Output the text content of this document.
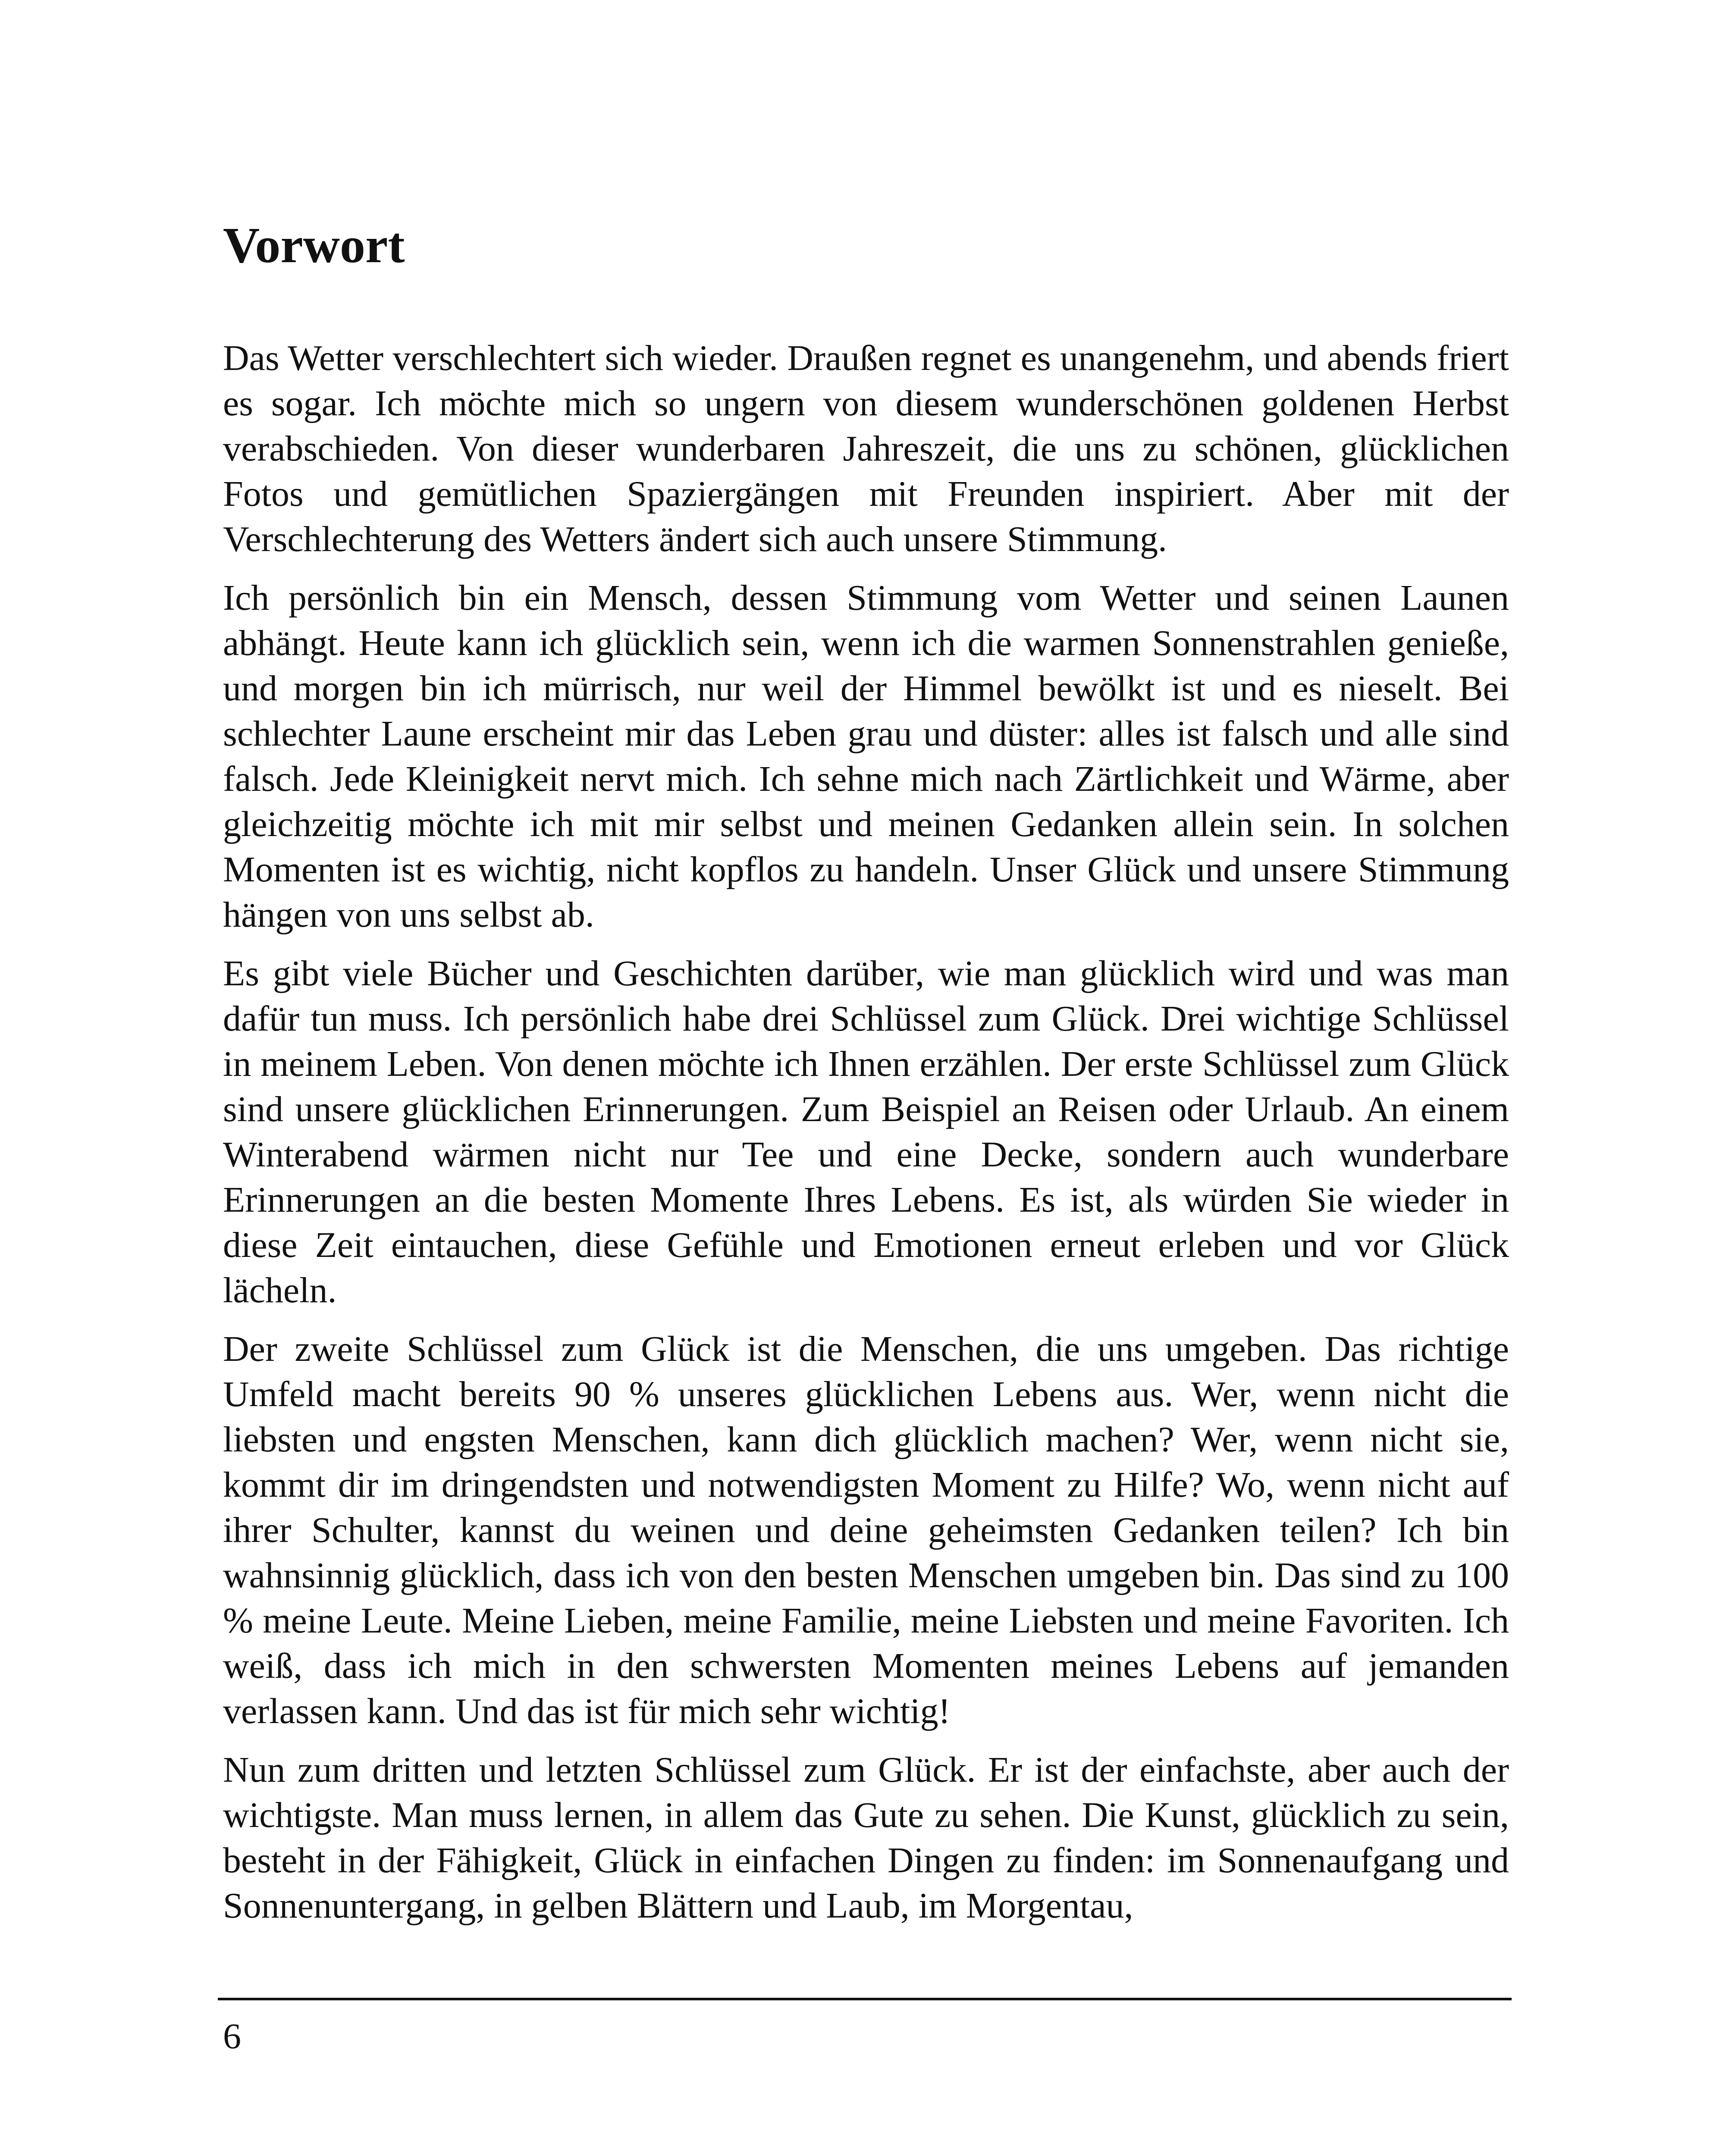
Vorwort

Das Wetter verschlechtert sich wieder. Draußen regnet es unangenehm, und abends friert es sogar. Ich möchte mich so ungern von diesem wunderschönen goldenen Herbst verabschieden. Von dieser wunderbaren Jahreszeit, die uns zu schönen, glücklichen Fotos und gemütlichen Spaziergängen mit Freunden inspiriert. Aber mit der Verschlechterung des Wetters ändert sich auch unsere Stimmung.

Ich persönlich bin ein Mensch, dessen Stimmung vom Wetter und seinen Launen abhängt. Heute kann ich glücklich sein, wenn ich die warmen Sonnenstrahlen genieße, und morgen bin ich mürrisch, nur weil der Himmel bewölkt ist und es nieselt. Bei schlechter Laune erscheint mir das Leben grau und düster: alles ist falsch und alle sind falsch. Jede Kleinigkeit nervt mich. Ich sehne mich nach Zärtlichkeit und Wärme, aber gleichzeitig möchte ich mit mir selbst und meinen Gedanken allein sein. In solchen Momenten ist es wichtig, nicht kopflos zu handeln. Unser Glück und unsere Stimmung hängen von uns selbst ab.

Es gibt viele Bücher und Geschichten darüber, wie man glücklich wird und was man dafür tun muss. Ich persönlich habe drei Schlüssel zum Glück. Drei wichtige Schlüssel in meinem Leben. Von denen möchte ich Ihnen erzählen. Der erste Schlüssel zum Glück sind unsere glücklichen Erinnerungen. Zum Beispiel an Reisen oder Urlaub. An einem Winterabend wärmen nicht nur Tee und eine Decke, sondern auch wunderbare Erinnerungen an die besten Momente Ihres Lebens. Es ist, als würden Sie wieder in diese Zeit eintauchen, diese Gefühle und Emotionen erneut erleben und vor Glück lächeln.

Der zweite Schlüssel zum Glück ist die Menschen, die uns umgeben. Das richtige Umfeld macht bereits 90 % unseres glücklichen Lebens aus. Wer, wenn nicht die liebsten und engsten Menschen, kann dich glücklich machen? Wer, wenn nicht sie, kommt dir im dringendsten und notwendigsten Moment zu Hilfe? Wo, wenn nicht auf ihrer Schulter, kannst du weinen und deine geheimsten Gedanken teilen? Ich bin wahnsinnig glücklich, dass ich von den besten Menschen umgeben bin. Das sind zu 100 % meine Leute. Meine Lieben, meine Familie, meine Liebsten und meine Favoriten. Ich weiß, dass ich mich in den schwersten Momenten meines Lebens auf jemanden verlassen kann. Und das ist für mich sehr wichtig!

Nun zum dritten und letzten Schlüssel zum Glück. Er ist der einfachste, aber auch der wichtigste. Man muss lernen, in allem das Gute zu sehen. Die Kunst, glücklich zu sein, besteht in der Fähigkeit, Glück in einfachen Dingen zu finden: im Sonnenaufgang und Sonnenuntergang, in gelben Blättern und Laub, im Morgentau,

6
